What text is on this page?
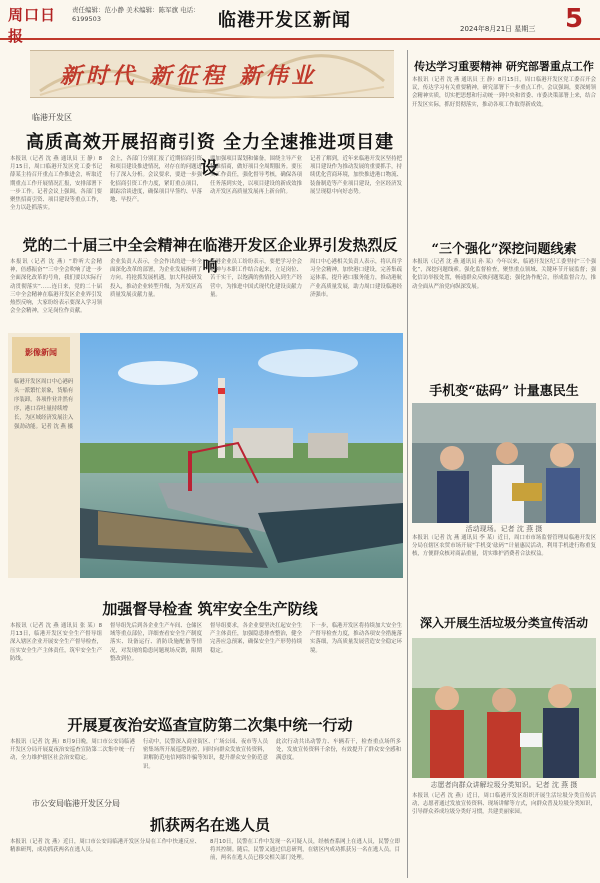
周口日报
责任编辑：范小静 美术编辑：陈军旗 电话：6199503	临港开发区新闻	2024年8月21日 星期三 5
新时代 新征程 新伟业
临港开发区
高质高效开展招商引资 全力全速推进项目建设
本报讯（记者 沈 燕 通讯员 王 静）8月15日，周口临港开发区党工委书记薛某主持召开重点工作推进会，听取近期重点工作开展情况汇报，安排部署下一步工作。记者会议上强调，各部门要聚焦招商引资、项目建设等重点工作，全力以赴抓落实。
会上，各部门分别汇报了近期招商引资和项目建设推进情况，对存在的问题进行了深入分析。会议要求，要进一步强化招商引资工作力度，紧盯重点项目，跟踪洽谈进度，确保项目早签约、早落地、早投产。
要加强项目谋划和储备，围绕主导产业精准招商，做好项目全周期服务。要压实工作责任，强化督导考核，确保各项任务落到实处，以项目建设的新成效推动开发区高质量发展再上新台阶。
记者了解到，近年来临港开发区坚持把项目建设作为推动发展的重要抓手，持续优化营商环境，加快推进港口物流、装备制造等产业项目建设，全区经济发展呈现稳中向好态势。
党的二十届三中全会精神在临港开发区企业界引发热烈反响
本报讯（记者 沈 燕）“聆听大会精神，倍感振奋”“三中全会吹响了进一步全面深化改革的号角，我们要以实际行动贯彻落实”……连日来，党的二十届三中全会精神在临港开发区企业界引发热烈反响，大家纷纷表示要深入学习领会全会精神，立足岗位作贡献。
企业负责人表示，全会作出的进一步全面深化改革的部署，为企业发展指明了方向。将抢抓发展机遇，加大科技研发投入，推动企业转型升级，为开发区高质量发展贡献力量。
临港企业员工纷纷表示，要把学习全会精神与本职工作结合起来，立足岗位、苦干实干，以饱满的热情投入到生产经营中，为推进中国式现代化建设贡献力量。
周口中心港相关负责人表示，将认真学习全会精神，加快港口建设，完善集疏运体系，提升港口服务能力，推动港航产业高质量发展，助力周口建设临港经济强市。
影像新闻
临港开发区周口中心港码头一派繁忙景象，货船有序装卸，各项作业井然有序，港口吞吐量持续增长，为区域经济发展注入强劲动能。记者 沈 燕 摄
加强督导检查 筑牢安全生产防线
本报讯（记者 沈 燕 通讯员 张 某）8月13日，临港开发区安全生产督导组深入辖区企业开展安全生产督导检查，压实安全生产主体责任，筑牢安全生产防线。
督导组先后到各企业生产车间、仓储区域等重点部位，详细查看安全生产制度落实、设备运行、消防设施配备等情况，对发现的隐患问题现场反馈，限期整改到位。
督导组要求，各企业要坚决扛起安全生产主体责任，加强隐患排查整治，健全完善应急预案，确保安全生产形势持续稳定。
下一步，临港开发区将持续加大安全生产督导检查力度，推动各项安全措施落实落细，为高质量发展营造安全稳定环境。
开展夏夜治安巡查宣防第二次集中统一行动
本报讯（记者 沈 燕）8月9日晚，周口市公安局临港开发区分局开展夏夜治安巡查宣防第二次集中统一行动，全力维护辖区社会治安稳定。
行动中，民警深入商业街区、广场公园、夜市等人员密集场所开展巡逻防控，同时向群众发放宣传资料，讲解防范电信网络诈骗等知识，提升群众安全防范意识。
此次行动共出动警力、车辆若干，检查重点场所多处，发放宣传资料千余份，有效提升了群众安全感和满意度。
市公安局临港开发区分局
抓获两名在逃人员
本报讯（记者 沈 燕）近日，周口市公安局临港开发区分局在工作中快速反应、精准研判，成功抓获两名在逃人员。
8月10日，民警在工作中发现一名可疑人员，经核查系网上在逃人员，民警立即将其控制。随后，民警又通过信息研判，在辖区内成功抓获另一名在逃人员。目前，两名在逃人员已移交相关部门处理。
传达学习重要精神 研究部署重点工作
本报讯（记者 沈 燕 通讯员 王 静）8月15日，周口临港开发区党工委召开会议，传达学习有关重要精神，研究部署下一步重点工作。会议强调，要深刻领会精神实质，切实把思想和行动统一到中央和省委、市委决策部署上来，结合开发区实际，抓好贯彻落实，推动各项工作取得新成效。
“三个强化”深挖问题线索
本报讯（记者 沈 燕 通讯员 孙 某）今年以来，临港开发区纪工委坚持“三个强化”，深挖问题线索。强化监督检查，聚焦重点领域、关键环节开展监督；强化信访举报处置，畅通群众反映问题渠道；强化协作配合，形成监督合力，推动全面从严治党向纵深发展。
手机变“砝码” 计量惠民生
活动现场。记者 沈 燕 摄
本报讯（记者 沈 燕 通讯员 李 某）近日，周口市市场监督管理局临港开发区分局在辖区农贸市场开展“手机变‘砝码’”计量惠民活动，利用手机进行称重复核，方便群众核对商品重量，切实维护消费者合法权益。
深入开展生活垃圾分类宣传活动
志愿者向群众讲解垃圾分类知识。记者 沈 燕 摄
本报讯（记者 沈 燕）近日，周口临港开发区组织开展生活垃圾分类宣传活动，志愿者通过发放宣传资料、现场讲解等方式，向群众普及垃圾分类知识，引导群众养成垃圾分类好习惯，共建美丽家园。
